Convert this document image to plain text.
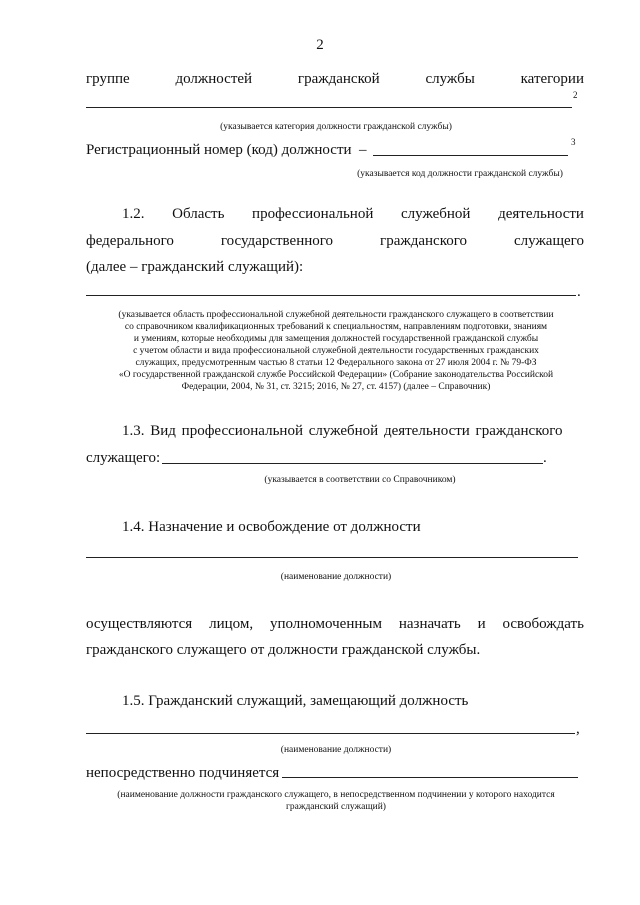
2
группе	должностей	гражданской	службы	категории
2
(указывается категория должности гражданской службы)
Регистрационный номер (код) должности –	3
(указывается код должности гражданской службы)
1.2. Область профессиональной служебной деятельности
федерального	государственного	гражданского	служащего
(далее – гражданский служащий):
.
(указывается область профессиональной служебной деятельности гражданского служащего в соответствии
со справочником квалификационных требований к специальностям, направлениям подготовки, знаниям
и умениям, которые необходимы для замещения должностей государственной гражданской службы
с учетом области и вида профессиональной служебной деятельности государственных гражданских
служащих, предусмотренным частью 8 статьи 12 Федерального закона от 27 июля 2004 г. № 79-ФЗ
«О государственной гражданской службе Российской Федерации» (Собрание законодательства Российской
Федерации, 2004, № 31, ст. 3215; 2016, № 27, ст. 4157) (далее – Справочник)
1.3. Вид профессиональной служебной деятельности гражданского
служащего:	.
(указывается в соответствии со Справочником)
1.4. Назначение и освобождение от должности
(наименование должности)
осуществляются лицом, уполномоченным назначать и освобождать
гражданского служащего от должности гражданской службы.
1.5. Гражданский служащий, замещающий должность
,
(наименование должности)
непосредственно подчиняется
(наименование должности гражданского служащего, в непосредственном подчинении у которого находится
гражданский служащий)
